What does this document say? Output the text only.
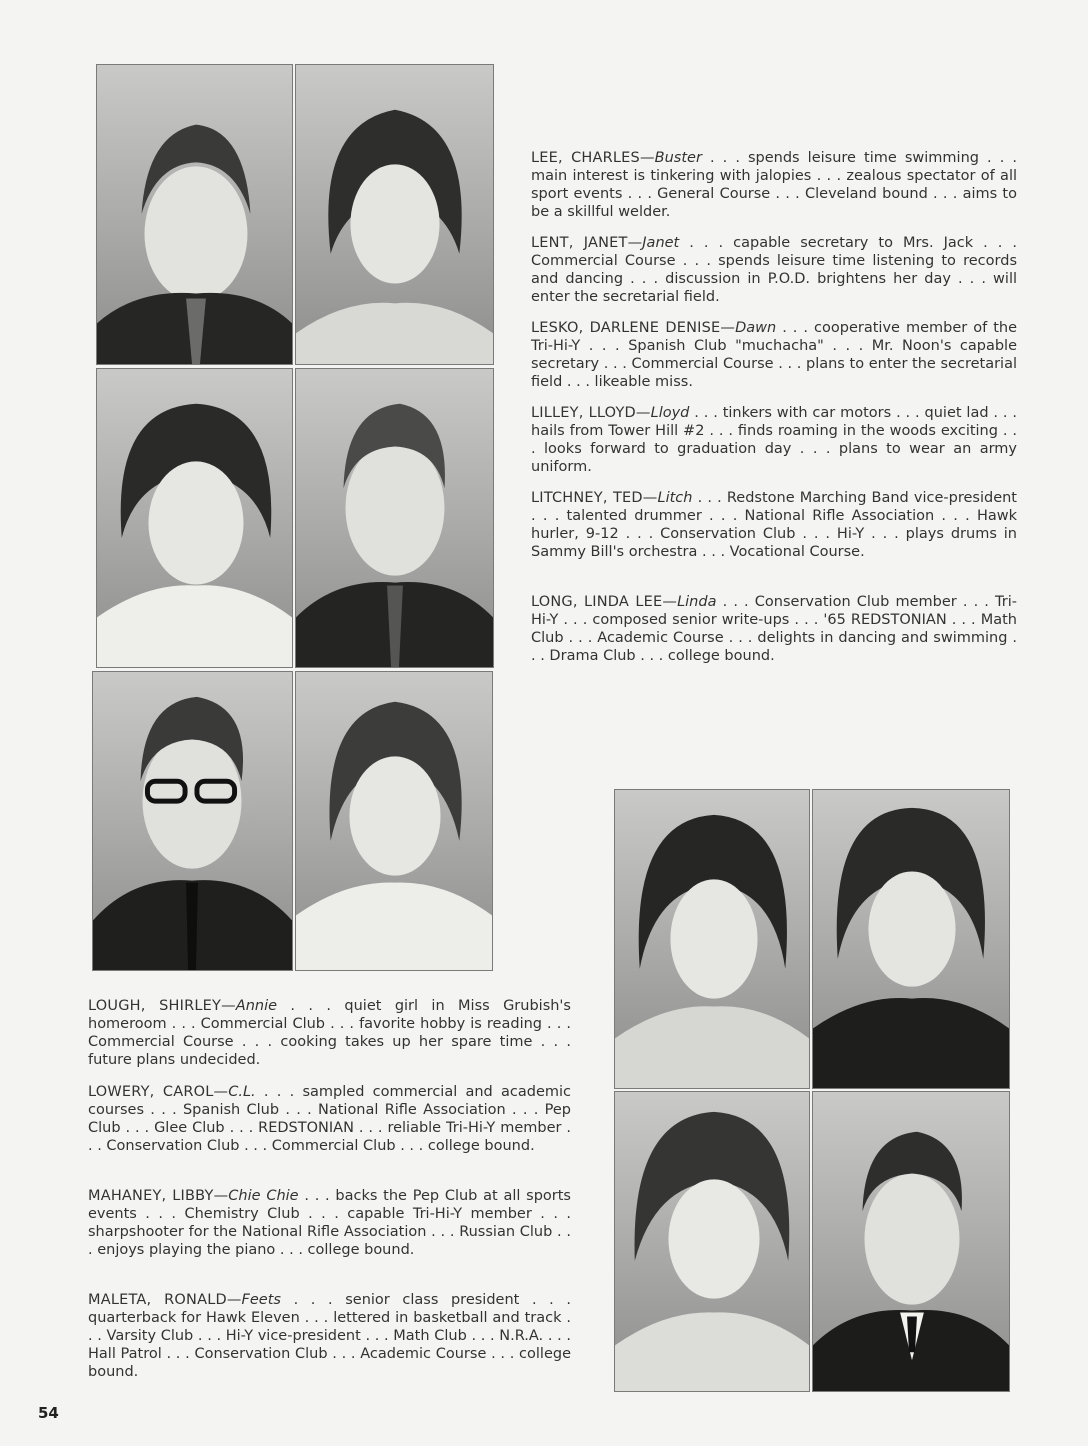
LEE, CHARLES—Buster . . . spends leisure time swimming . . . main interest is tinkering with jalopies . . . zealous spectator of all sport events . . . General Course . . . Cleveland bound . . . aims to be a skillful welder.

LENT, JANET—Janet . . . capable secretary to Mrs. Jack . . . Commercial Course . . . spends leisure time listening to records and dancing . . . discussion in P.O.D. brightens her day . . . will enter the secretarial field.

LESKO, DARLENE DENISE—Dawn . . . cooperative member of the Tri-Hi-Y . . . Spanish Club "muchacha" . . . Mr. Noon's capable secretary . . . Commercial Course . . . plans to enter the secretarial field . . . likeable miss.

LILLEY, LLOYD—Lloyd . . . tinkers with car motors . . . quiet lad . . . hails from Tower Hill #2 . . . finds roaming in the woods exciting . . . looks forward to graduation day . . . plans to wear an army uniform.

LITCHNEY, TED—Litch . . . Redstone Marching Band vice-president . . . talented drummer . . . National Rifle Association . . . Hawk hurler, 9-12 . . . Conservation Club . . . Hi-Y . . . plays drums in Sammy Bill's orchestra . . . Vocational Course.

LONG, LINDA LEE—Linda . . . Conservation Club member . . . Tri-Hi-Y . . . composed senior write-ups . . . '65 REDSTONIAN . . . Math Club . . . Academic Course . . . delights in dancing and swimming . . . Drama Club . . . college bound.

LOUGH, SHIRLEY—Annie . . . quiet girl in Miss Grubish's homeroom . . . Commercial Club . . . favorite hobby is reading . . . Commercial Course . . . cooking takes up her spare time . . . future plans undecided.

LOWERY, CAROL—C.L. . . . sampled commercial and academic courses . . . Spanish Club . . . National Rifle Association . . . Pep Club . . . Glee Club . . . REDSTONIAN . . . reliable Tri-Hi-Y member . . . Conservation Club . . . Commercial Club . . . college bound.

MAHANEY, LIBBY—Chie Chie . . . backs the Pep Club at all sports events . . . Chemistry Club . . . capable Tri-Hi-Y member . . . sharpshooter for the National Rifle Association . . . Russian Club . . . enjoys playing the piano . . . college bound.

MALETA, RONALD—Feets . . . senior class president . . . quarterback for Hawk Eleven . . . lettered in basketball and track . . . Varsity Club . . . Hi-Y vice-president . . . Math Club . . . N.R.A. . . . Hall Patrol . . . Conservation Club . . . Academic Course . . . college bound.

54
